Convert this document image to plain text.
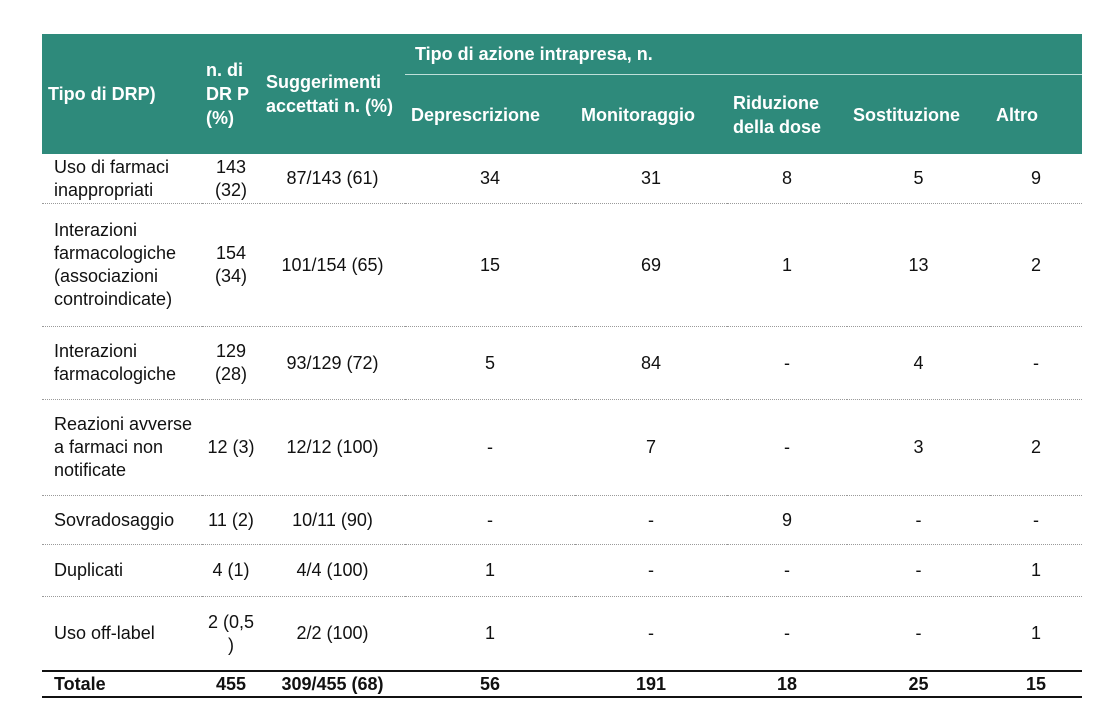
Tipo di DRP)	n. di DR P (%)	Suggerimenti accettati n. (%)	Tipo di azione intrapresa, n.				
			Deprescrizione	Monitoraggio	Riduzione della dose	Sostituzione	Altro
Uso di farmaci inappropriati	143 (32)	87/143 (61)	34	31	8	5	9
Interazioni farmacologiche (associazioni controindicate)	154 (34)	101/154 (65)	15	69	1	13	2
Interazioni farmacologiche	129 (28)	93/129 (72)	5	84	-	4	-
Reazioni avverse a farmaci non notificate	12 (3)	12/12 (100)	-	7	-	3	2
Sovradosaggio	11 (2)	10/11 (90)	-	-	9	-	-
Duplicati	4 (1)	4/4 (100)	1	-	-	-	1
Uso off-label	2 (0,5 )	2/2 (100)	1	-	-	-	1
Totale	455	309/455 (68)	56	191	18	25	15
